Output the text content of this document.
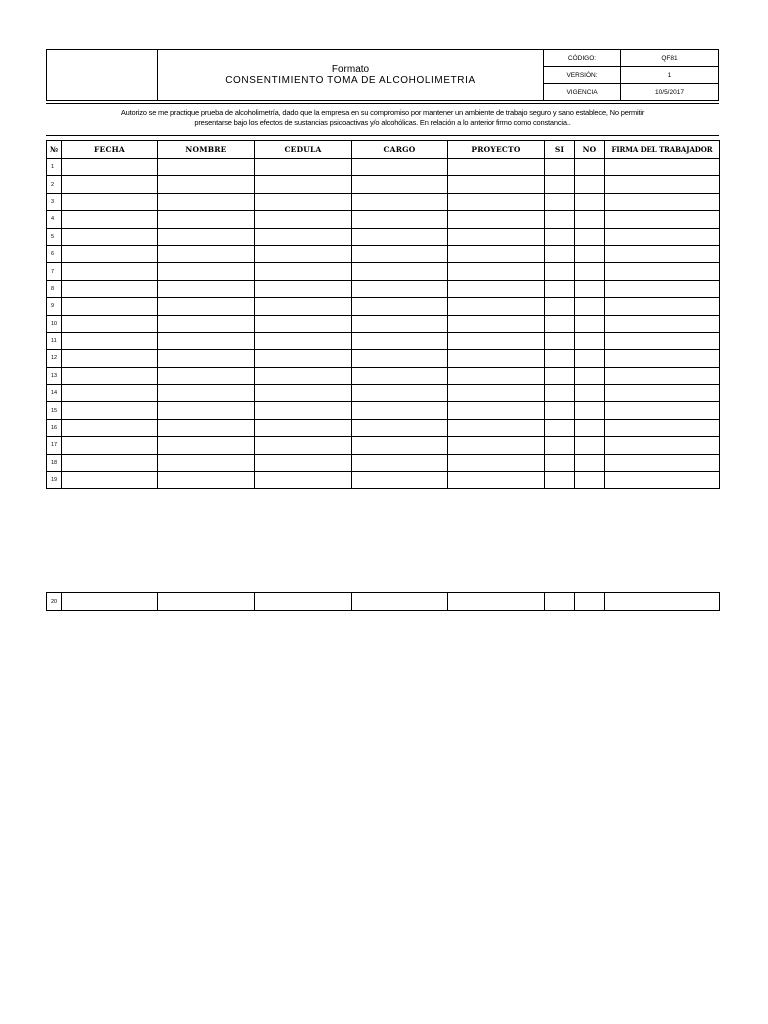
	Formato
CONSENTIMIENTO TOMA DE ALCOHOLIMETRIA	CÓDIGO:	QF81
		VERSIÓN:	1
		VIGENCIA	10/5/2017
Autorizo se me practique prueba de alcoholimetría, dado que la empresa en su compromiso por mantener un ambiente de trabajo seguro y sano establece, No permitir
presentarse bajo los efectos de sustancias psicoactivas y/o alcohólicas. En relación a lo anterior firmo como constancia..
№	FECHA	NOMBRE	CEDULA	CARGO	PROYECTO	SI	NO	FIRMA DEL TRABAJADOR
1								
2								
3								
4								
5								
6								
7								
8								
9								
10								
11								
12								
13								
14								
15								
16								
17								
18								
19								
20								
